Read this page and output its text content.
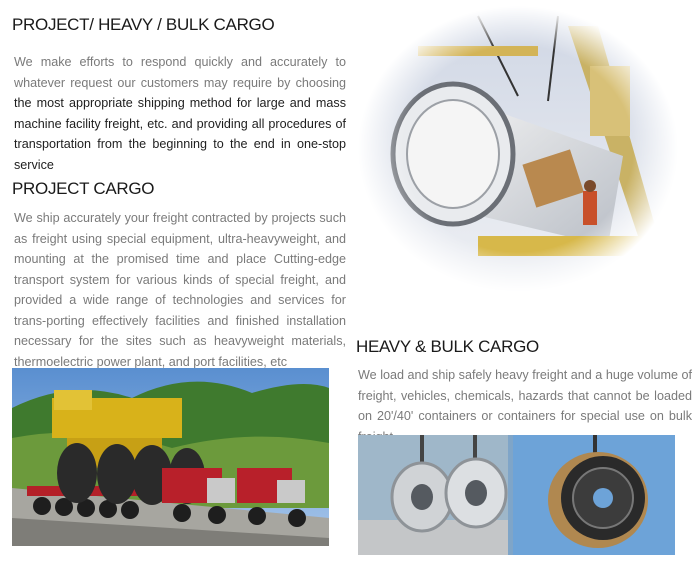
PROJECT/ HEAVY / BULK CARGO

We make efforts to respond quickly and accurately to whatever request our customers may require by choosing the most appropriate shipping method for large and mass machine facility freight, etc. and providing all procedures of transportation from the beginning to the end in one-stop service

PROJECT CARGO

We ship accurately your freight contracted by projects such as freight using special equipment, ultra-heavyweight, and mounting at the promised time and place Cutting-edge transport system for various kinds of special freight, and provided a wide range of technologies and services for trans-porting effectively facilities and finished installation necessary for the sites such as heavyweight materials, thermoelectric power plant, and port facilities, etc

HEAVY & BULK CARGO

We load and ship safely heavy freight and a huge volume of freight, vehicles, chemicals, hazards that cannot be loaded on 20'/40' containers or containers for special use on bulk
